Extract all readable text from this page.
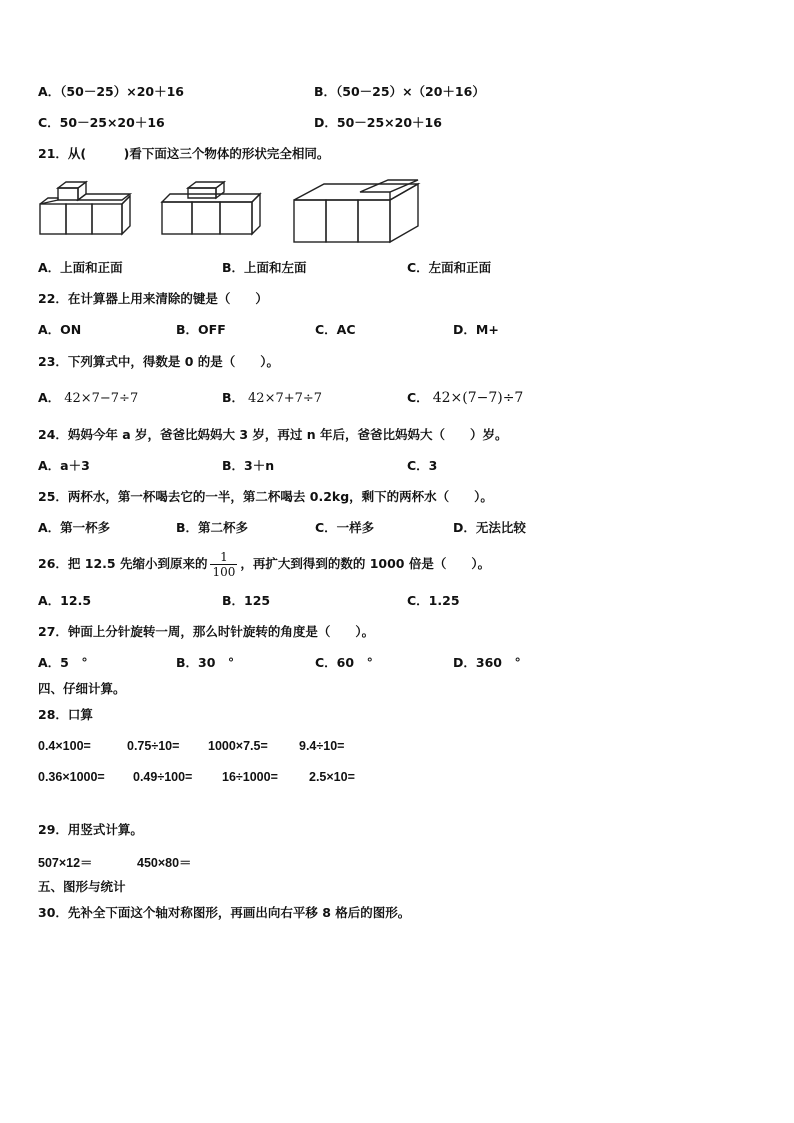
A．（50－25）×20＋16	B．（50－25）×（20＋16）
C．50－25×20＋16	D．50－25×20＋16
21．从(　　　)看下面这三个物体的形状完全相同。
A．上面和正面	B．上面和左面	C．左面和正面
22．在计算器上用来清除的键是（　　）
A．ON	B．OFF	C．AC	D．M+
23．下列算式中，得数是 0 的是（　　）。
A． 42×7−7÷7	B． 42×7+7÷7	C． 42×(7−7)÷7
24．妈妈今年 a 岁，爸爸比妈妈大 3 岁，再过 n 年后，爸爸比妈妈大（　　）岁。
A．a＋3	B．3＋n	C．3
25．两杯水，第一杯喝去它的一半，第二杯喝去 0.2kg，剩下的两杯水（　　）。
A．第一杯多	B．第二杯多	C．一样多	D．无法比较
26．把 12.5 先缩小到原来的 $\frac{1}{100}$ ，再扩大到得到的数的 1000 倍是（　　）。
A．12.5	B．125	C．1.25
27．钟面上分针旋转一周，那么时针旋转的角度是（　　）。
A．5　°	B．30　°	C．60　°	D．360　°
四、仔细计算。
28．口算
0.4×100=	0.75÷10= 1000×7.5= 9.4÷10=
0.36×1000= 0.49÷100= 16÷1000= 2.5×10=
29．用竖式计算。
507×12＝	450×80＝
五、图形与统计
30．先补全下面这个轴对称图形，再画出向右平移 8 格后的图形。
